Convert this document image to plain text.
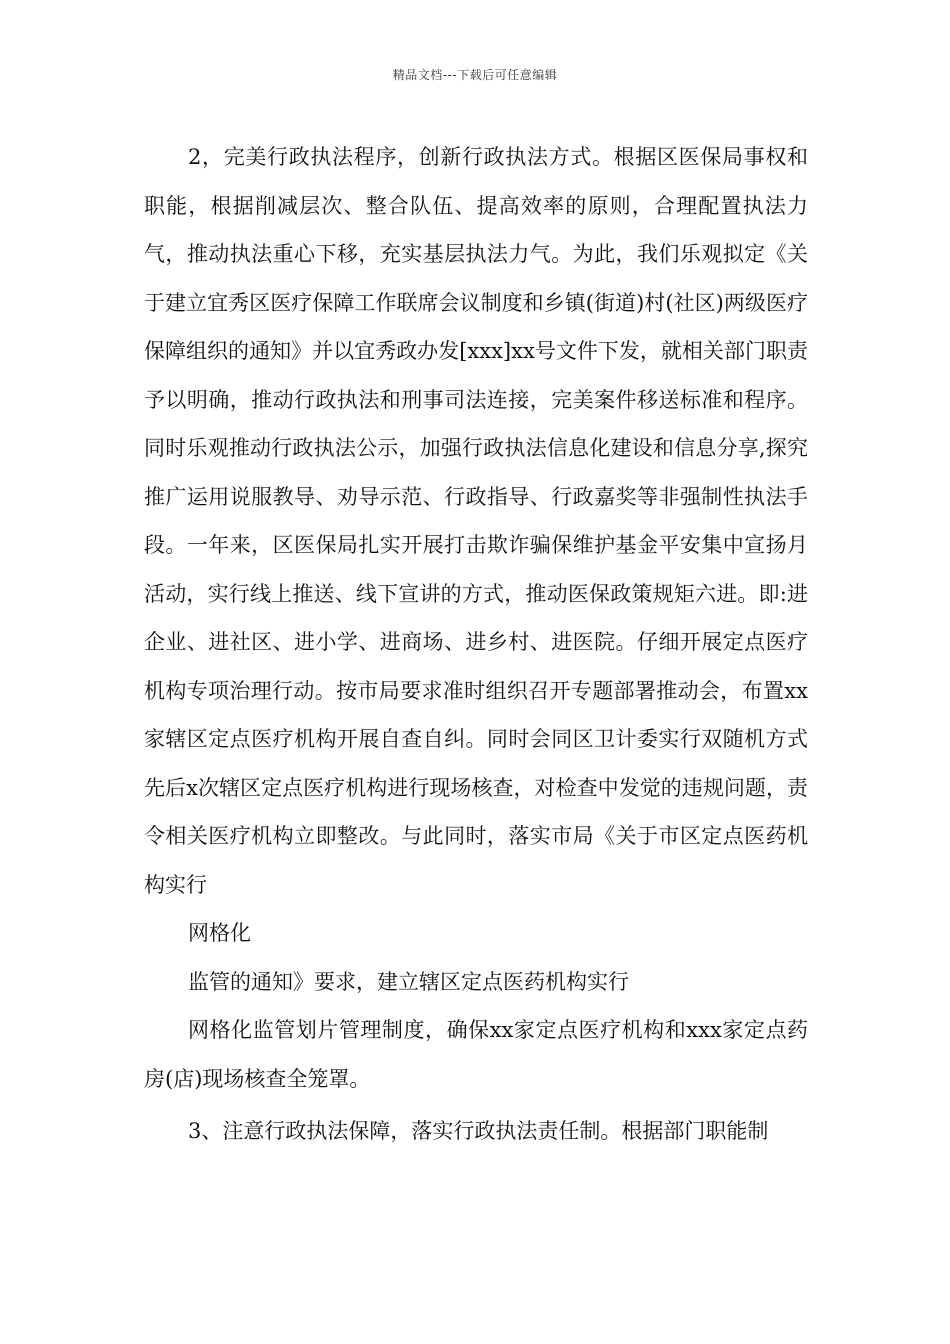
精品文档---下载后可任意编辑

2，完美行政执法程序，创新行政执法方式。根据区医保局事权和职能，根据削减层次、整合队伍、提高效率的原则，合理配置执法力气，推动执法重心下移，充实基层执法力气。为此，我们乐观拟定《关于建立宜秀区医疗保障工作联席会议制度和乡镇(街道)村(社区)两级医疗保障组织的通知》并以宜秀政办发[xxx]xx号文件下发，就相关部门职责予以明确，推动行政执法和刑事司法连接，完美案件移送标准和程序。同时乐观推动行政执法公示，加强行政执法信息化建设和信息分享,探究推广运用说服教导、劝导示范、行政指导、行政嘉奖等非强制性执法手段。一年来，区医保局扎实开展打击欺诈骗保维护基金平安集中宣扬月活动，实行线上推送、线下宣讲的方式，推动医保政策规矩六进。即:进企业、进社区、进小学、进商场、进乡村、进医院。仔细开展定点医疗机构专项治理行动。按市局要求准时组织召开专题部署推动会，布置xx家辖区定点医疗机构开展自查自纠。同时会同区卫计委实行双随机方式先后x次辖区定点医疗机构进行现场核查，对检查中发觉的违规问题，责令相关医疗机构立即整改。与此同时，落实市局《关于市区定点医药机构实行

网格化

监管的通知》要求，建立辖区定点医药机构实行

网格化监管划片管理制度，确保xx家定点医疗机构和xxx家定点药房(店)现场核查全笼罩。

3、注意行政执法保障，落实行政执法责任制。根据部门职能制
